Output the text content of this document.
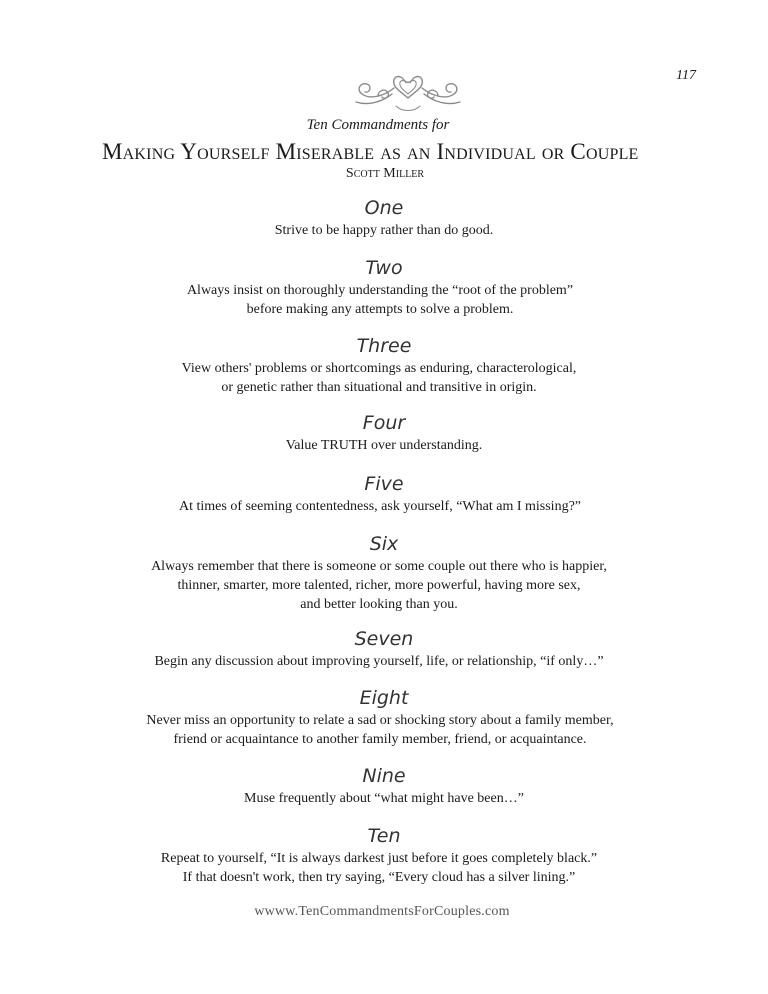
117
Ten Commandments for
Making Yourself Miserable as an Individual or Couple
Scott Miller
One
Strive to be happy rather than do good.
Two
Always insist on thoroughly understanding the “root of the problem”
before making any attempts to solve a problem.
Three
View others' problems or shortcomings as enduring, characterological,
or genetic rather than situational and transitive in origin.
Four
Value TRUTH over understanding.
Five
At times of seeming contentedness, ask yourself, “What am I missing?”
Six
Always remember that there is someone or some couple out there who is happier,
thinner, smarter, more talented, richer, more powerful, having more sex,
and better looking than you.
Seven
Begin any discussion about improving yourself, life, or relationship, “if only…”
Eight
Never miss an opportunity to relate a sad or shocking story about a family member,
friend or acquaintance to another family member, friend, or acquaintance.
Nine
Muse frequently about “what might have been…”
Ten
Repeat to yourself, “It is always darkest just before it goes completely black.”
If that doesn't work, then try saying, “Every cloud has a silver lining.”
wwww.TenCommandmentsForCouples.com
